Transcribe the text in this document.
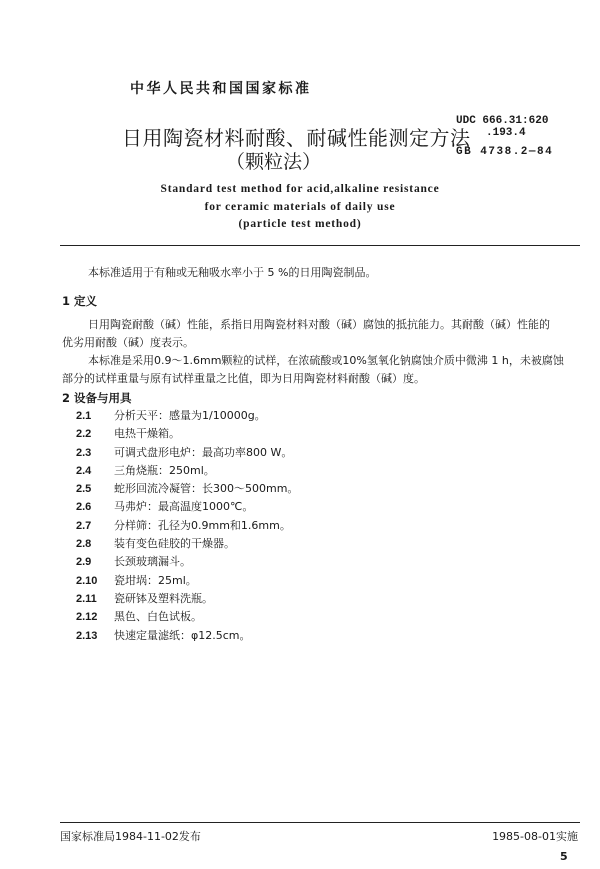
中华人民共和国国家标准
日用陶瓷材料耐酸、耐碱性能测定方法
（颗粒法）
UDC 666.31:620
.193.4
GB 4738.2—84
Standard test method for acid,alkaline resistance
for ceramic materials of daily use
(particle test method)
本标准适用于有釉或无釉吸水率小于 5 %的日用陶瓷制品。
1 定义
日用陶瓷耐酸（碱）性能，系指日用陶瓷材料对酸（碱）腐蚀的抵抗能力。其耐酸（碱）性能的
优劣用耐酸（碱）度表示。
本标准是采用0.9～1.6mm颗粒的试样，在浓硫酸或10%氢氧化钠腐蚀介质中微沸 1 h，未被腐蚀
部分的试样重量与原有试样重量之比值，即为日用陶瓷材料耐酸（碱）度。
2 设备与用具
2.1 分析天平：感量为1/10000g。
2.2 电热干燥箱。
2.3 可调式盘形电炉：最高功率800 W。
2.4 三角烧瓶：250ml。
2.5 蛇形回流冷凝管：长300～500mm。
2.6 马弗炉：最高温度1000℃。
2.7 分样筛：孔径为0.9mm和1.6mm。
2.8 装有变色硅胶的干燥器。
2.9 长颈玻璃漏斗。
2.10 瓷坩埚：25ml。
2.11 瓷研钵及塑料洗瓶。
2.12 黑色、白色试板。
2.13 快速定量滤纸：φ12.5cm。
国家标准局1984-11-02发布	1985-08-01实施
5
